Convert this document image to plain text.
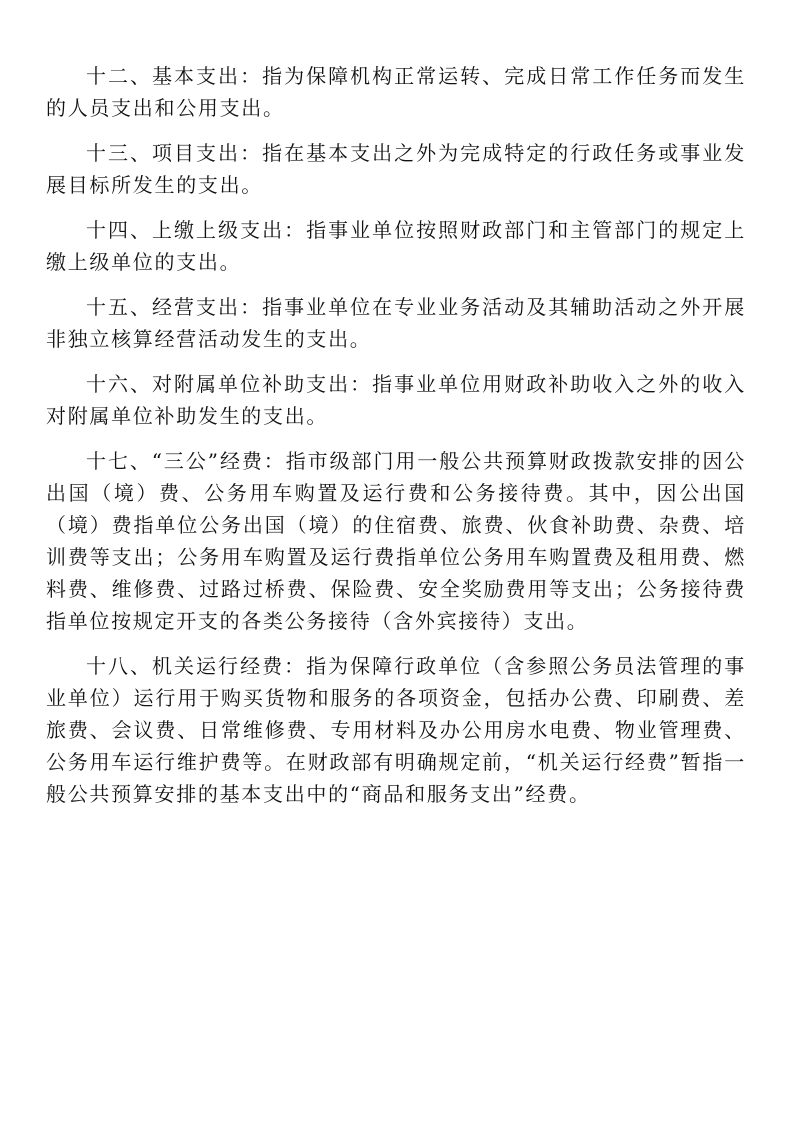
十二、基本支出：指为保障机构正常运转、完成日常工作任务而发生的人员支出和公用支出。

十三、项目支出：指在基本支出之外为完成特定的行政任务或事业发展目标所发生的支出。

十四、上缴上级支出：指事业单位按照财政部门和主管部门的规定上缴上级单位的支出。

十五、经营支出：指事业单位在专业业务活动及其辅助活动之外开展非独立核算经营活动发生的支出。

十六、对附属单位补助支出：指事业单位用财政补助收入之外的收入对附属单位补助发生的支出。

十七、“三公”经费：指市级部门用一般公共预算财政拨款安排的因公出国（境）费、公务用车购置及运行费和公务接待费。其中，因公出国（境）费指单位公务出国（境）的住宿费、旅费、伙食补助费、杂费、培训费等支出；公务用车购置及运行费指单位公务用车购置费及租用费、燃料费、维修费、过路过桥费、保险费、安全奖励费用等支出；公务接待费指单位按规定开支的各类公务接待（含外宾接待）支出。

十八、机关运行经费：指为保障行政单位（含参照公务员法管理的事业单位）运行用于购买货物和服务的各项资金，包括办公费、印刷费、差旅费、会议费、日常维修费、专用材料及办公用房水电费、物业管理费、公务用车运行维护费等。在财政部有明确规定前，“机关运行经费”暂指一般公共预算安排的基本支出中的“商品和服务支出”经费。
